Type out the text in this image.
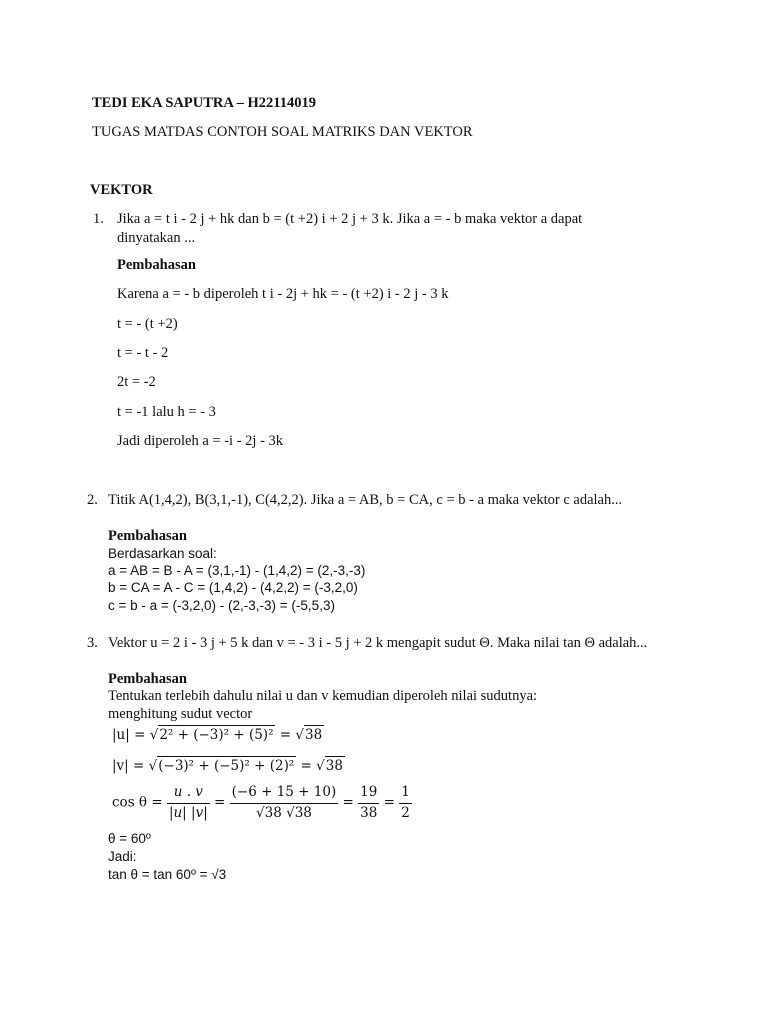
TEDI EKA SAPUTRA – H22114019
TUGAS MATDAS CONTOH SOAL MATRIKS DAN VEKTOR
VEKTOR
1. Jika a = t i - 2 j + hk dan b = (t +2) i + 2 j + 3 k. Jika a = - b maka vektor a dapat
dinyatakan ...
Pembahasan
Karena a = - b diperoleh t i - 2j + hk = - (t +2) i - 2 j - 3 k
t = - (t +2)
t = - t - 2
2t = -2
t = -1 lalu h = - 3
Jadi diperoleh a = -i - 2j - 3k
2. Titik A(1,4,2), B(3,1,-1), C(4,2,2). Jika a = AB, b = CA, c = b - a maka vektor c adalah...
Pembahasan
Berdasarkan soal:
a = AB = B - A = (3,1,-1) - (1,4,2) = (2,-3,-3)
b = CA = A - C = (1,4,2) - (4,2,2) = (-3,2,0)
c = b - a = (-3,2,0) - (2,-3,-3) = (-5,5,3)
3. Vektor u = 2 i - 3 j + 5 k dan v = - 3 i - 5 j + 2 k mengapit sudut Θ. Maka nilai tan Θ adalah...
Pembahasan
Tentukan terlebih dahulu nilai u dan v kemudian diperoleh nilai sudutnya:
menghitung sudut vector
|u| = √2² + (−3)² + (5)² = √38
|v| = √(−3)² + (−5)² + (2)² = √38
$\cos \theta = \frac{u . v}{|u| |v|} = \frac{(-6 + 15 + 10)}{√38 √38} = \frac{19}{38} = \frac{1}{2}$
θ = 60º
Jadi:
tan θ = tan 60º = √3
